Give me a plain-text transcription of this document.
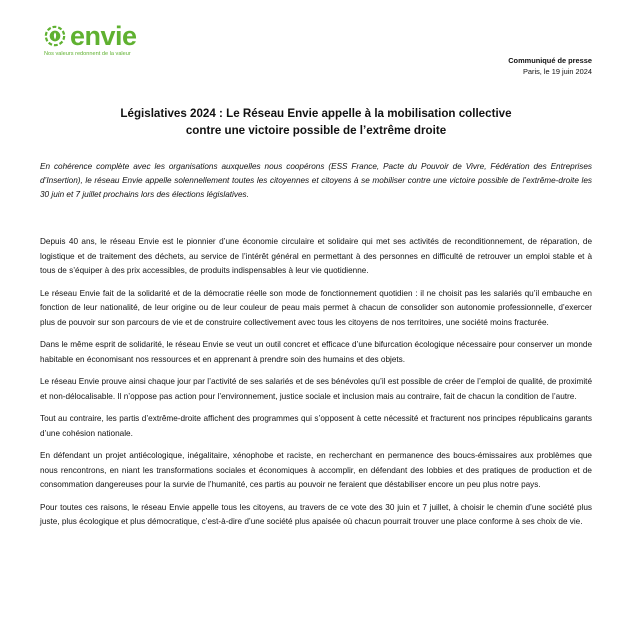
envie
Nos valeurs redonnent de la valeur
Communiqué de presse
Paris, le 19 juin 2024
Législatives 2024 : Le Réseau Envie appelle à la mobilisation collective
contre une victoire possible de l’extrême droite

En cohérence complète avec les organisations auxquelles nous coopérons (ESS France, Pacte du Pouvoir de Vivre, Fédération des Entreprises d’Insertion), le réseau Envie appelle solennellement toutes les citoyennes et citoyens à se mobiliser contre une victoire possible de l’extrême-droite les 30 juin et 7 juillet prochains lors des élections législatives.

Depuis 40 ans, le réseau Envie est le pionnier d’une économie circulaire et solidaire qui met ses activités de reconditionnement, de réparation, de logistique et de traitement des déchets, au service de l’intérêt général en permettant à des personnes en difficulté de retrouver un emploi stable et à tous de s’équiper à des prix accessibles, de produits indispensables à leur vie quotidienne.

Le réseau Envie fait de la solidarité et de la démocratie réelle son mode de fonctionnement quotidien : il ne choisit pas les salariés qu’il embauche en fonction de leur nationalité, de leur origine ou de leur couleur de peau mais permet à chacun de consolider son autonomie professionnelle, d’exercer plus de pouvoir sur son parcours de vie et de construire collectivement avec tous les citoyens de nos territoires, une société moins fracturée.

Dans le même esprit de solidarité, le réseau Envie se veut un outil concret et efficace d’une bifurcation écologique nécessaire pour conserver un monde habitable en économisant nos ressources et en apprenant à prendre soin des humains et des objets.

Le réseau Envie prouve ainsi chaque jour par l’activité de ses salariés et de ses bénévoles qu’il est possible de créer de l’emploi de qualité, de proximité et non-délocalisable. Il n’oppose pas action pour l’environnement, justice sociale et inclusion mais au contraire, fait de chacun la condition de l’autre.

Tout au contraire, les partis d’extrême-droite affichent des programmes qui s’opposent à cette nécessité et fracturent nos principes républicains garants d’une cohésion nationale.

En défendant un projet antiécologique, inégalitaire, xénophobe et raciste, en recherchant en permanence des boucs-émissaires aux problèmes que nous rencontrons, en niant les transformations sociales et économiques à accomplir, en défendant des lobbies et des pratiques de production et de consommation dangereuses pour la survie de l’humanité, ces partis au pouvoir ne feraient que déstabiliser encore un peu plus notre pays.

Pour toutes ces raisons, le réseau Envie appelle tous les citoyens, au travers de ce vote des 30 juin et 7 juillet, à choisir le chemin d’une société plus juste, plus écologique et plus démocratique, c’est-à-dire d’une société plus apaisée où chacun pourrait trouver une place conforme à ses choix de vie.
